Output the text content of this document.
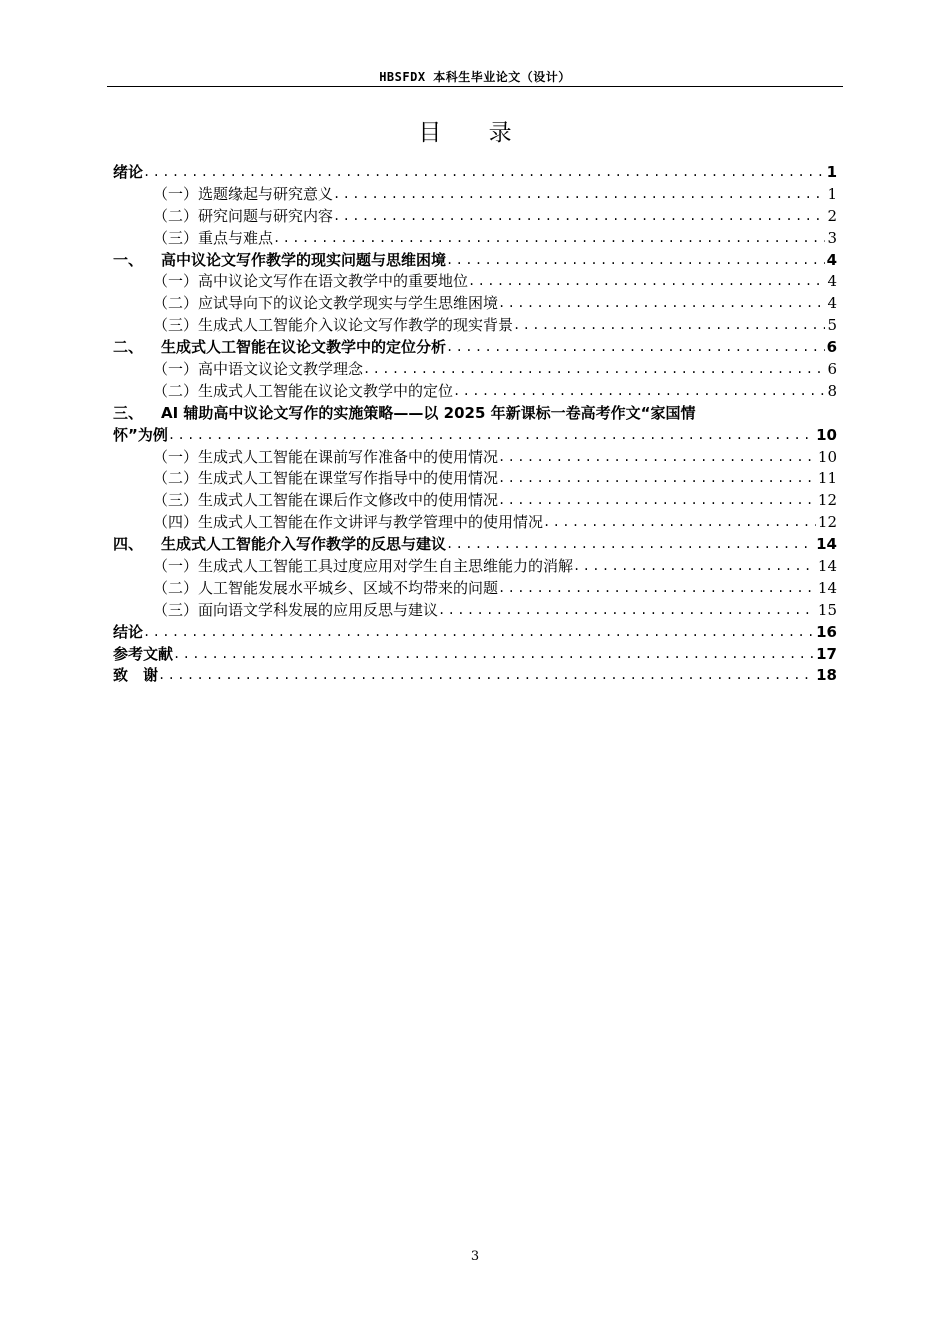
HBSFDX 本科生毕业论文（设计）
目 录
绪论 .....	1
（一） 选题缘起与研究意义 .....	1
（二） 研究问题与研究内容 .....	2
（三） 重点与难点 .....	3
一、 高中议论文写作教学的现实问题与思维困境 .....	4
（一） 高中议论文写作在语文教学中的重要地位 .....	4
（二） 应试导向下的议论文教学现实与学生思维困境 .....	4
（三） 生成式人工智能介入议论文写作教学的现实背景 .....	5
二、 生成式人工智能在议论文教学中的定位分析 .....	6
（一） 高中语文议论文教学理念 .....	6
（二） 生成式人工智能在议论文教学中的定位 .....	8
三、 AI 辅助高中议论文写作的实施策略——以 2025 年新课标一卷高考作文“家国情
怀”为例 .....	10
（一） 生成式人工智能在课前写作准备中的使用情况 .....	10
（二） 生成式人工智能在课堂写作指导中的使用情况 .....	11
（三） 生成式人工智能在课后作文修改中的使用情况 .....	12
（四） 生成式人工智能在作文讲评与教学管理中的使用情况 .....	12
四、 生成式人工智能介入写作教学的反思与建议 .....	14
（一） 生成式人工智能工具过度应用对学生自主思维能力的消解 .....	14
（二） 人工智能发展水平城乡、区域不均带来的问题 .....	14
（三） 面向语文学科发展的应用反思与建议 .....	15
结论 .....	16
参考文献 .....	17
致　谢 .....	18
3
